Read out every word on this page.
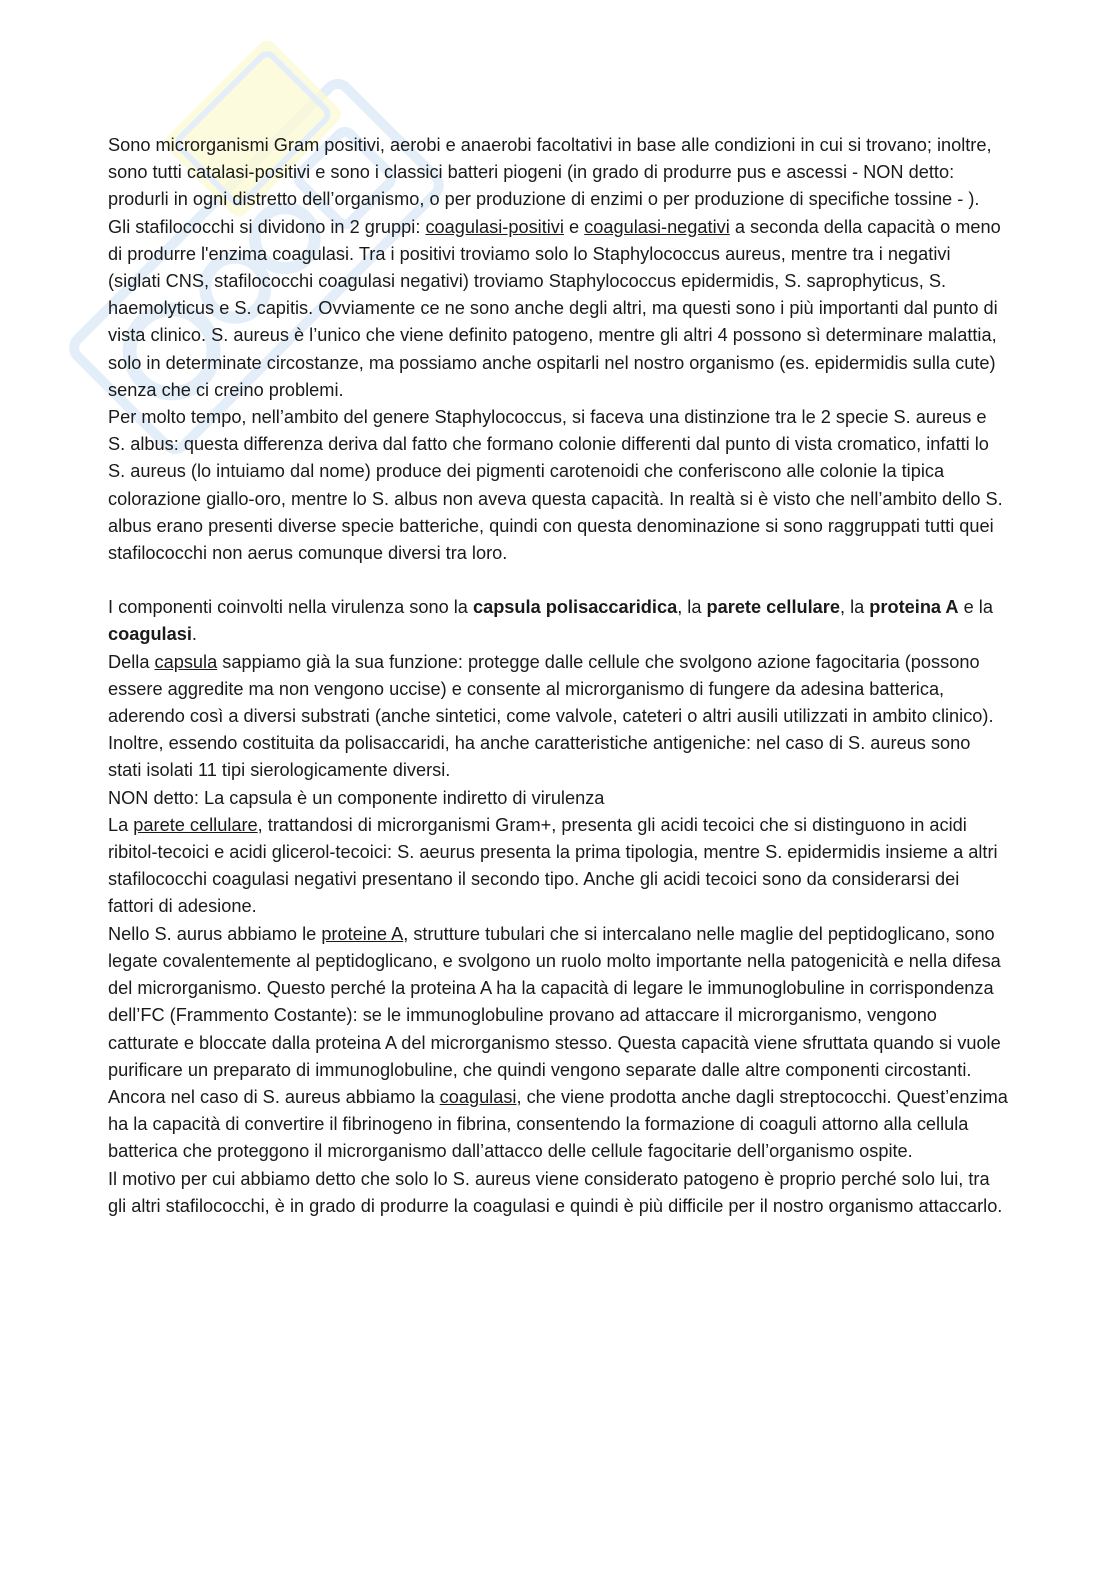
Sono microrganismi Gram positivi, aerobi e anaerobi facoltativi in base alle condizioni in cui si trovano; inoltre, sono tutti catalasi-positivi e sono i classici batteri piogeni (in grado di produrre pus e ascessi - NON detto: produrli in ogni distretto dell’organismo, o per produzione di enzimi o per produzione di specifiche tossine - ).

Gli stafilococchi si dividono in 2 gruppi: coagulasi-positivi e coagulasi-negativi a seconda della capacità o meno di produrre l'enzima coagulasi. Tra i positivi troviamo solo lo Staphylococcus aureus, mentre tra i negativi (siglati CNS, stafilococchi coagulasi negativi) troviamo Staphylococcus epidermidis, S. saprophyticus, S. haemolyticus e S. capitis. Ovviamente ce ne sono anche degli altri, ma questi sono i più importanti dal punto di vista clinico. S. aureus è l’unico che viene definito patogeno, mentre gli altri 4 possono sì determinare malattia, solo in determinate circostanze, ma possiamo anche ospitarli nel nostro organismo (es. epidermidis sulla cute) senza che ci creino problemi.

Per molto tempo, nell’ambito del genere Staphylococcus, si faceva una distinzione tra le 2 specie S. aureus e S. albus: questa differenza deriva dal fatto che formano colonie differenti dal punto di vista cromatico, infatti lo S. aureus (lo intuiamo dal nome) produce dei pigmenti carotenoidi che conferiscono alle colonie la tipica colorazione giallo-oro, mentre lo S. albus non aveva questa capacità. In realtà si è visto che nell’ambito dello S. albus erano presenti diverse specie batteriche, quindi con questa denominazione si sono raggruppati tutti quei stafilococchi non aerus comunque diversi tra loro.

I componenti coinvolti nella virulenza sono la capsula polisaccaridica, la parete cellulare, la proteina A e la coagulasi.

Della capsula sappiamo già la sua funzione: protegge dalle cellule che svolgono azione fagocitaria (possono essere aggredite ma non vengono uccise) e consente al microrganismo di fungere da adesina batterica, aderendo così a diversi substrati (anche sintetici, come valvole, cateteri o altri ausili utilizzati in ambito clinico). Inoltre, essendo costituita da polisaccaridi, ha anche caratteristiche antigeniche: nel caso di S. aureus sono stati isolati 11 tipi sierologicamente diversi.

NON detto: La capsula è un componente indiretto di virulenza

La parete cellulare, trattandosi di microrganismi Gram+, presenta gli acidi tecoici che si distinguono in acidi ribitol-tecoici e acidi glicerol-tecoici: S. aeurus presenta la prima tipologia, mentre S. epidermidis insieme a altri stafilococchi coagulasi negativi presentano il secondo tipo. Anche gli acidi tecoici sono da considerarsi dei fattori di adesione.

Nello S. aurus abbiamo le proteine A, strutture tubulari che si intercalano nelle maglie del peptidoglicano, sono legate covalentemente al peptidoglicano, e svolgono un ruolo molto importante nella patogenicità e nella difesa del microrganismo. Questo perché la proteina A ha la capacità di legare le immunoglobuline in corrispondenza dell’FC (Frammento Costante): se le immunoglobuline provano ad attaccare il microrganismo, vengono catturate e bloccate dalla proteina A del microrganismo stesso. Questa capacità viene sfruttata quando si vuole purificare un preparato di immunoglobuline, che quindi vengono separate dalle altre componenti circostanti.

Ancora nel caso di S. aureus abbiamo la coagulasi, che viene prodotta anche dagli streptococchi. Quest’enzima ha la capacità di convertire il fibrinogeno in fibrina, consentendo la formazione di coaguli attorno alla cellula batterica che proteggono il microrganismo dall’attacco delle cellule fagocitarie dell’organismo ospite.

Il motivo per cui abbiamo detto che solo lo S. aureus viene considerato patogeno è proprio perché solo lui, tra gli altri stafilococchi, è in grado di produrre la coagulasi e quindi è più difficile per il nostro organismo attaccarlo.
